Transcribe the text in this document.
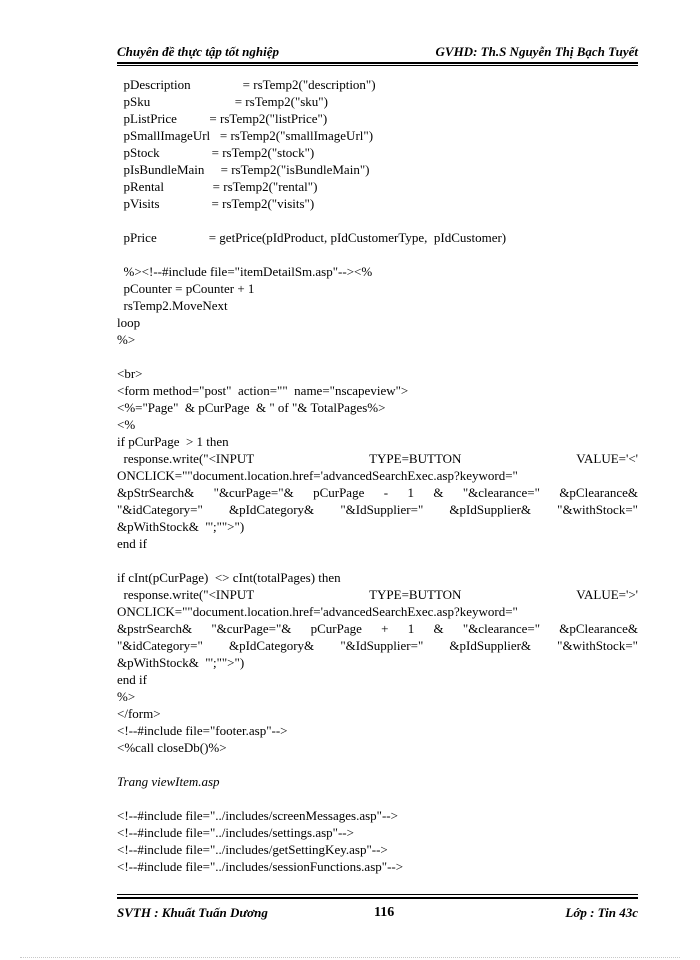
Chuyên đề thực tập tốt nghiệp	GVHD: Th.S Nguyễn Thị Bạch Tuyết
pDescription                = rsTemp2("description")
pSku                          = rsTemp2("sku")
pListPrice          = rsTemp2("listPrice")
pSmallImageUrl   = rsTemp2("smallImageUrl")
pStock                = rsTemp2("stock")
pIsBundleMain     = rsTemp2("isBundleMain")
pRental               = rsTemp2("rental")
pVisits                = rsTemp2("visits")
pPrice                = getPrice(pIdProduct, pIdCustomerType,  pIdCustomer)
%><!--#include file="itemDetailSm.asp"--><%
pCounter = pCounter + 1
rsTemp2.MoveNext
loop
%>
<br>
<form method="post"  action=""  name="nscapeview">
<%="Page"  & pCurPage  & " of "& TotalPages%>
<%
if pCurPage  > 1 then
response.write("<INPUT	TYPE=BUTTON	VALUE='<'
ONCLICK=""document.location.href='advancedSearchExec.asp?keyword="
&pStrSearch& "&curPage="& pCurPage - 1 & "&clearance=" &pClearance&
"&idCategory=" &pIdCategory& "&IdSupplier=" &pIdSupplier& "&withStock="
&pWithStock&  "';"">")
end if
if cInt(pCurPage)  <> cInt(totalPages) then
response.write("<INPUT	TYPE=BUTTON	VALUE='>'
ONCLICK=""document.location.href='advancedSearchExec.asp?keyword="
&pstrSearch& "&curPage="& pCurPage + 1 & "&clearance=" &pClearance&
"&idCategory=" &pIdCategory& "&IdSupplier=" &pIdSupplier& "&withStock="
&pWithStock&  "';"">")
end if
%>
</form>
<!--#include file="footer.asp"-->
<%call closeDb()%>
Trang viewItem.asp
<!--#include file="../includes/screenMessages.asp"-->
<!--#include file="../includes/settings.asp"-->
<!--#include file="../includes/getSettingKey.asp"-->
<!--#include file="../includes/sessionFunctions.asp"-->
SVTH : Khuất Tuấn Dương	116	Lớp : Tin 43c
